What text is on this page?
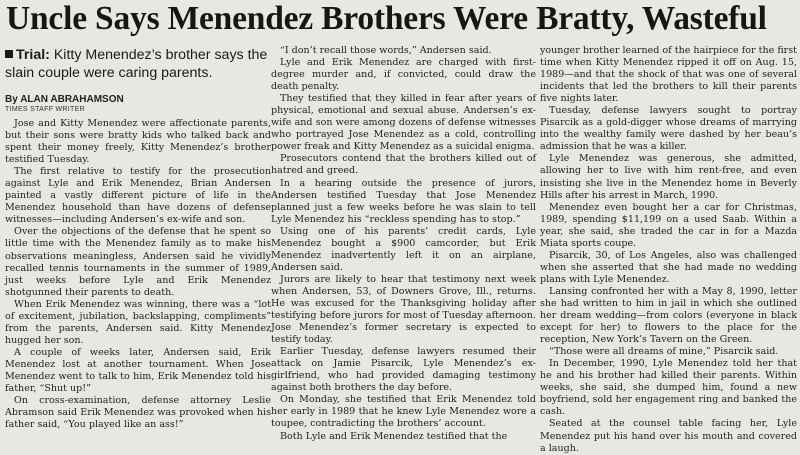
Uncle Says Menendez Brothers Were Bratty, Wasteful
Trial: Kitty Menendez’s brother says the slain couple were caring parents.
By ALAN ABRAHAMSON
TIMES STAFF WRITER

Jose and Kitty Menendez were affectionate parents, but their sons were bratty kids who talked back and spent their money freely, Kitty Menendez’s brother testified Tuesday.

The first relative to testify for the prosecution against Lyle and Erik Menendez, Brian Andersen painted a vastly different picture of life in the Menendez household than have dozens of defense witnesses—including Andersen’s ex-wife and son.

Over the objections of the defense that he spent so little time with the Menendez family as to make his observations meaningless, Andersen said he vividly recalled tennis tournaments in the summer of 1989, just weeks before Lyle and Erik Menendez shotgunned their parents to death.

When Erik Menendez was winning, there was a “lot of excitement, jubilation, backslapping, compliments” from the parents, Andersen said. Kitty Menendez hugged her son.

A couple of weeks later, Andersen said, Erik Menendez lost at another tournament. When Jose Menendez went to talk to him, Erik Menendez told his father, “Shut up!”

On cross-examination, defense attorney Leslie Abramson said Erik Menendez was provoked when his father said, “You played like an ass!”

“I don’t recall those words,” Andersen said.

Lyle and Erik Menendez are charged with first-degree murder and, if convicted, could draw the death penalty.

They testified that they killed in fear after years of physical, emotional and sexual abuse. Andersen’s ex-wife and son were among dozens of defense witnesses who portrayed Jose Menendez as a cold, controlling power freak and Kitty Menendez as a suicidal enigma.

Prosecutors contend that the brothers killed out of hatred and greed.

In a hearing outside the presence of jurors, Andersen testified Tuesday that Jose Menendez planned just a few weeks before he was slain to tell Lyle Menendez his “reckless spending has to stop.”

Using one of his parents’ credit cards, Lyle Menendez bought a $900 camcorder, but Erik Menendez inadvertently left it on an airplane, Andersen said.

Jurors are likely to hear that testimony next week when Andersen, 53, of Downers Grove, Ill., returns. He was excused for the Thanksgiving holiday after testifying before jurors for most of Tuesday afternoon. Jose Menendez’s former secretary is expected to testify today.

Earlier Tuesday, defense lawyers resumed their attack on Jamie Pisarcik, Lyle Menendez’s ex-girlfriend, who had provided damaging testimony against both brothers the day before.

On Monday, she testified that Erik Menendez told her early in 1989 that he knew Lyle Menendez wore a toupee, contradicting the brothers’ account.

Both Lyle and Erik Menendez testified that the

younger brother learned of the hairpiece for the first time when Kitty Menendez ripped it off on Aug. 15, 1989—and that the shock of that was one of several incidents that led the brothers to kill their parents five nights later.

Tuesday, defense lawyers sought to portray Pisarcik as a gold-digger whose dreams of marrying into the wealthy family were dashed by her beau’s admission that he was a killer.

Lyle Menendez was generous, she admitted, allowing her to live with him rent-free, and even insisting she live in the Menendez home in Beverly Hills after his arrest in March, 1990.

Menendez even bought her a car for Christmas, 1989, spending $11,199 on a used Saab. Within a year, she said, she traded the car in for a Mazda Miata sports coupe.

Pisarcik, 30, of Los Angeles, also was challenged when she asserted that she had made no wedding plans with Lyle Menendez.

Lansing confronted her with a May 8, 1990, letter she had written to him in jail in which she outlined her dream wedding—from colors (everyone in black except for her) to flowers to the place for the reception, New York’s Tavern on the Green.

“Those were all dreams of mine,” Pisarcik said.

In December, 1990, Lyle Menendez told her that he and his brother had killed their parents. Within weeks, she said, she dumped him, found a new boyfriend, sold her engagement ring and banked the cash.

Seated at the counsel table facing her, Lyle Menendez put his hand over his mouth and covered a laugh.
